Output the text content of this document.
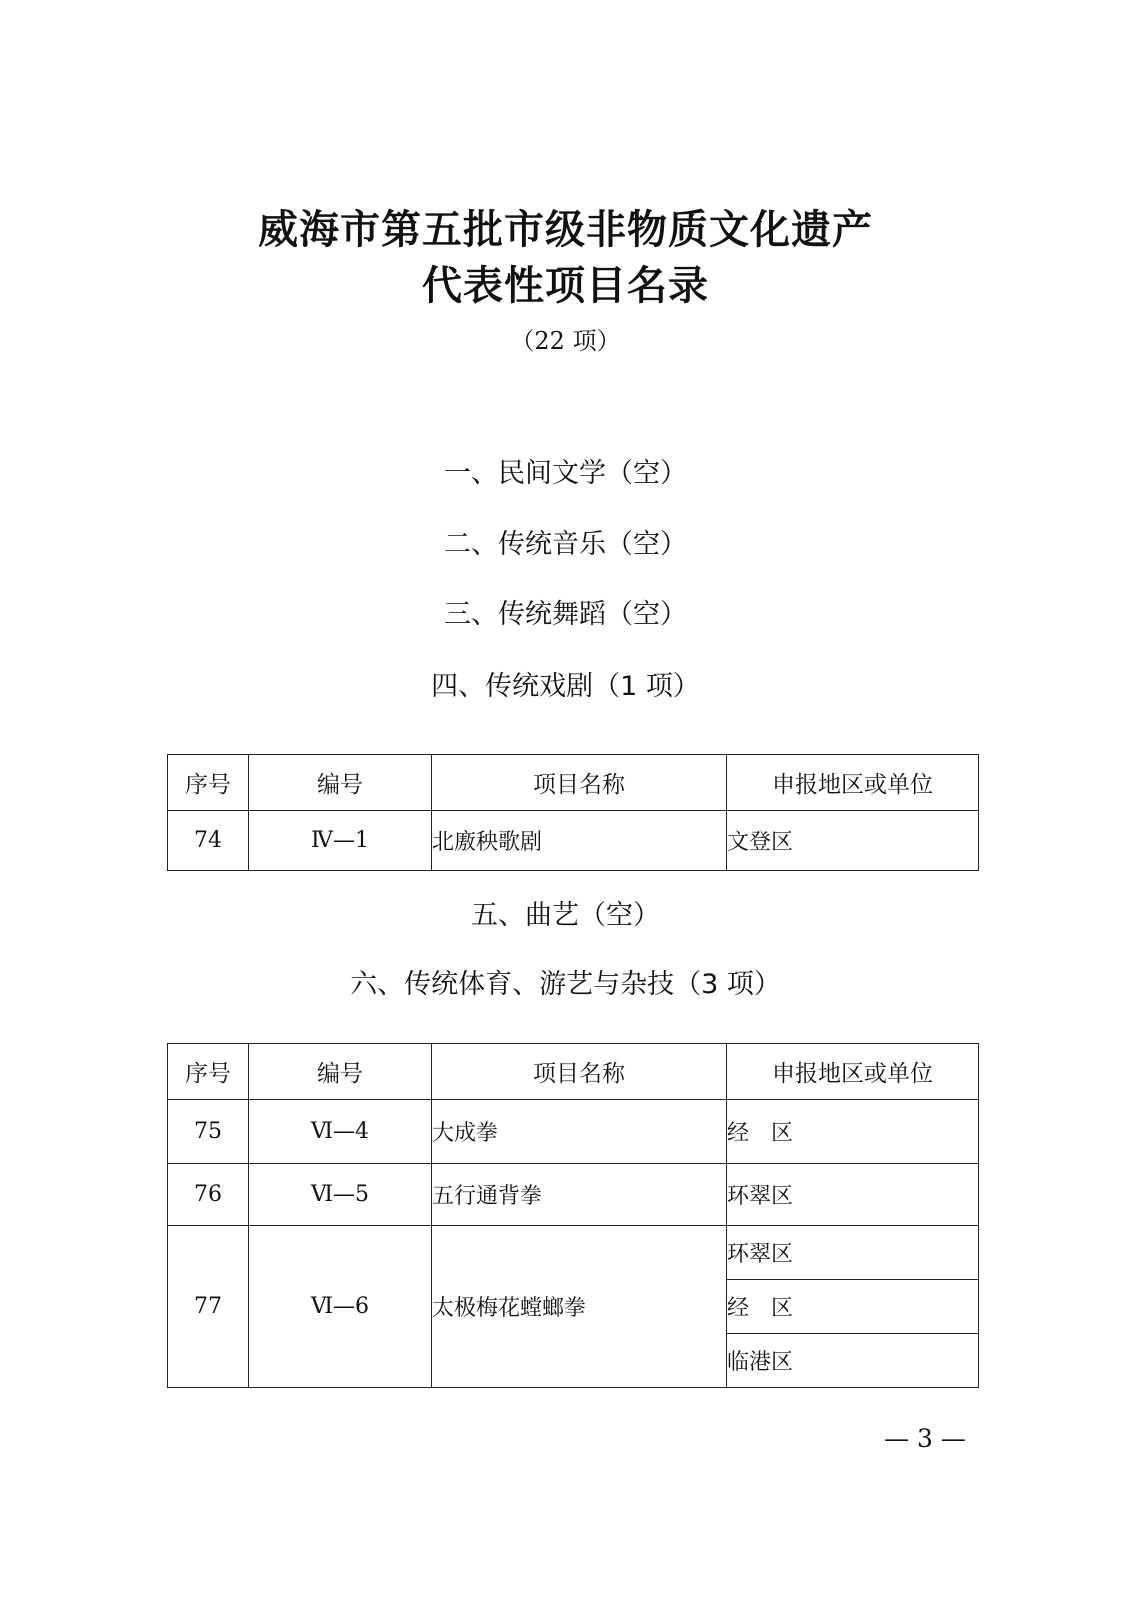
威海市第五批市级非物质文化遗产
代表性项目名录
（22 项）
一、民间文学（空）
二、传统音乐（空）
三、传统舞蹈（空）
四、传统戏剧（1 项）
序号	编号	项目名称	申报地区或单位
74	Ⅳ—1	北廒秧歌剧	文登区
五、曲艺（空）
六、传统体育、游艺与杂技（3 项）
序号	编号	项目名称	申报地区或单位
75	Ⅵ—4	大成拳	经　区
76	Ⅵ—5	五行通背拳	环翠区
77	Ⅵ—6	太极梅花螳螂拳	环翠区
			经　区
			临港区
— 3 —
